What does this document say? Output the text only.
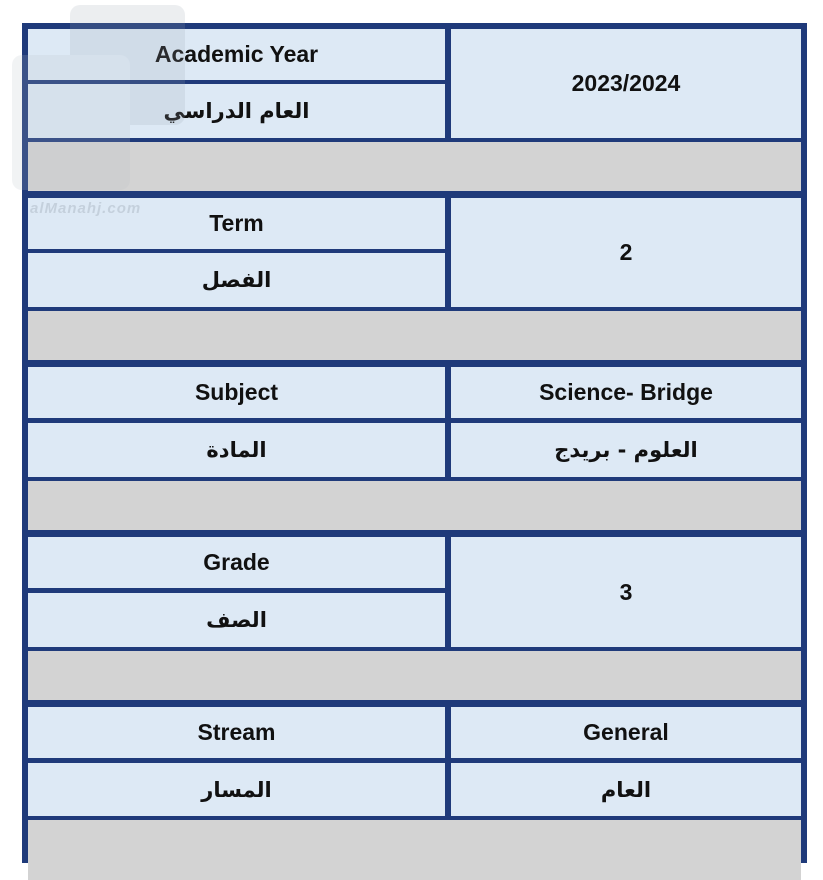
Academic Year
العام الدراسي
2023/2024
Term
الفصل
2
Subject
المادة
Science- Bridge
العلوم - بريدج
Grade
الصف
3
Stream
المسار
General
العام
